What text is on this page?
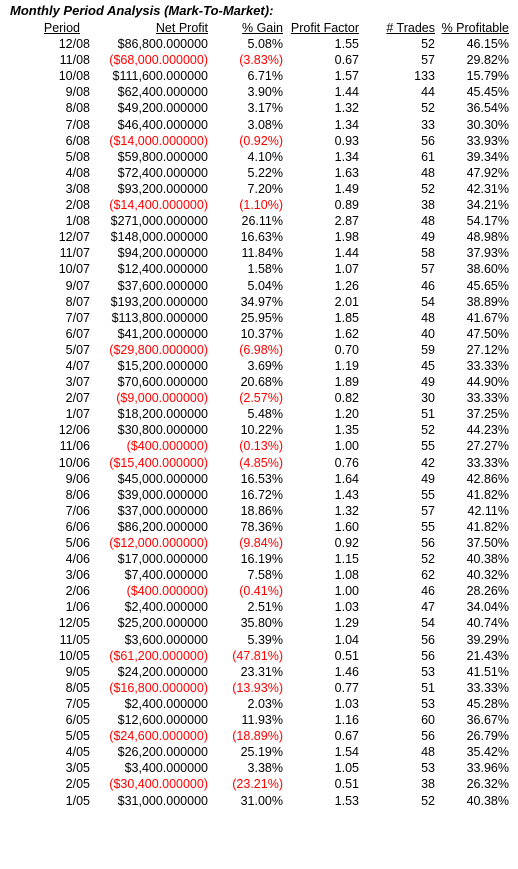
Monthly Period Analysis (Mark-To-Market):
Period	Net Profit	% Gain	Profit Factor	# Trades	% Profitable
12/08	$86,800.000000	5.08%	1.55	52	46.15%
11/08	($68,000.000000)	(3.83%)	0.67	57	29.82%
10/08	$111,600.000000	6.71%	1.57	133	15.79%
9/08	$62,400.000000	3.90%	1.44	44	45.45%
8/08	$49,200.000000	3.17%	1.32	52	36.54%
7/08	$46,400.000000	3.08%	1.34	33	30.30%
6/08	($14,000.000000)	(0.92%)	0.93	56	33.93%
5/08	$59,800.000000	4.10%	1.34	61	39.34%
4/08	$72,400.000000	5.22%	1.63	48	47.92%
3/08	$93,200.000000	7.20%	1.49	52	42.31%
2/08	($14,400.000000)	(1.10%)	0.89	38	34.21%
1/08	$271,000.000000	26.11%	2.87	48	54.17%
12/07	$148,000.000000	16.63%	1.98	49	48.98%
11/07	$94,200.000000	11.84%	1.44	58	37.93%
10/07	$12,400.000000	1.58%	1.07	57	38.60%
9/07	$37,600.000000	5.04%	1.26	46	45.65%
8/07	$193,200.000000	34.97%	2.01	54	38.89%
7/07	$113,800.000000	25.95%	1.85	48	41.67%
6/07	$41,200.000000	10.37%	1.62	40	47.50%
5/07	($29,800.000000)	(6.98%)	0.70	59	27.12%
4/07	$15,200.000000	3.69%	1.19	45	33.33%
3/07	$70,600.000000	20.68%	1.89	49	44.90%
2/07	($9,000.000000)	(2.57%)	0.82	30	33.33%
1/07	$18,200.000000	5.48%	1.20	51	37.25%
12/06	$30,800.000000	10.22%	1.35	52	44.23%
11/06	($400.000000)	(0.13%)	1.00	55	27.27%
10/06	($15,400.000000)	(4.85%)	0.76	42	33.33%
9/06	$45,000.000000	16.53%	1.64	49	42.86%
8/06	$39,000.000000	16.72%	1.43	55	41.82%
7/06	$37,000.000000	18.86%	1.32	57	42.11%
6/06	$86,200.000000	78.36%	1.60	55	41.82%
5/06	($12,000.000000)	(9.84%)	0.92	56	37.50%
4/06	$17,000.000000	16.19%	1.15	52	40.38%
3/06	$7,400.000000	7.58%	1.08	62	40.32%
2/06	($400.000000)	(0.41%)	1.00	46	28.26%
1/06	$2,400.000000	2.51%	1.03	47	34.04%
12/05	$25,200.000000	35.80%	1.29	54	40.74%
11/05	$3,600.000000	5.39%	1.04	56	39.29%
10/05	($61,200.000000)	(47.81%)	0.51	56	21.43%
9/05	$24,200.000000	23.31%	1.46	53	41.51%
8/05	($16,800.000000)	(13.93%)	0.77	51	33.33%
7/05	$2,400.000000	2.03%	1.03	53	45.28%
6/05	$12,600.000000	11.93%	1.16	60	36.67%
5/05	($24,600.000000)	(18.89%)	0.67	56	26.79%
4/05	$26,200.000000	25.19%	1.54	48	35.42%
3/05	$3,400.000000	3.38%	1.05	53	33.96%
2/05	($30,400.000000)	(23.21%)	0.51	38	26.32%
1/05	$31,000.000000	31.00%	1.53	52	40.38%
